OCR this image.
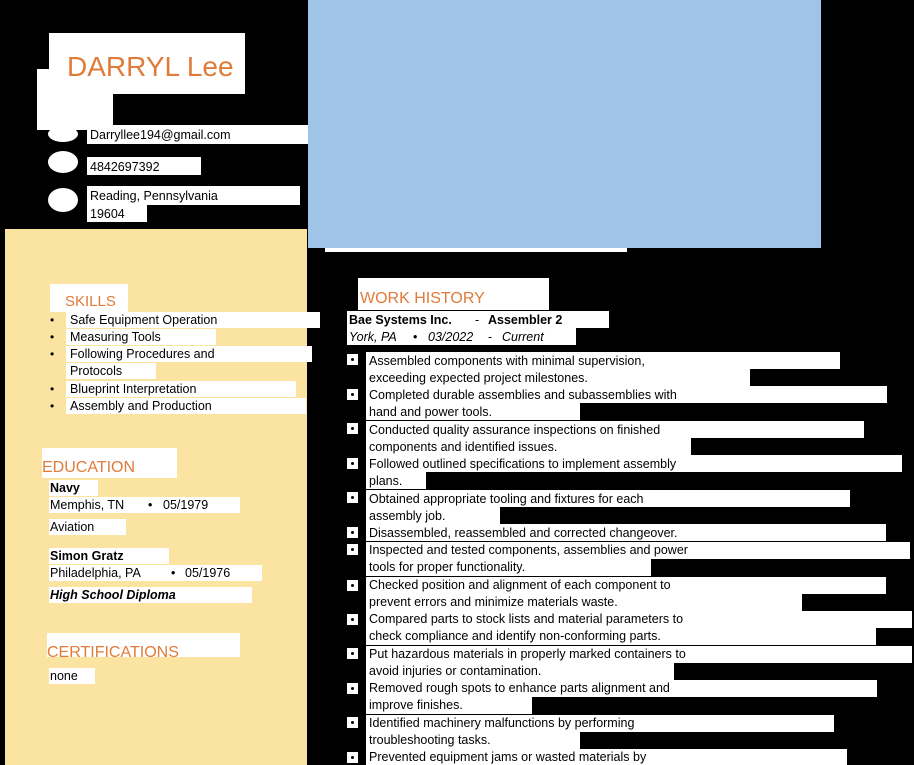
DARRYL Lee
Darryllee194@gmail.com
4842697392
Reading, Pennsylvania
19604
SKILLS
• Safe Equipment Operation
• Measuring Tools
• Following Procedures and
Protocols
• Blueprint Interpretation
• Assembly and Production
EDUCATION
Navy
Memphis, TN • 05/1979
Aviation
Simon Gratz
Philadelphia, PA • 05/1976
High School Diploma
CERTIFICATIONS
none
WORK HISTORY
Bae Systems Inc. - Assembler 2
York, PA • 03/2022 - Current
Assembled components with minimal supervision,
exceeding expected project milestones.
Completed durable assemblies and subassemblies with
hand and power tools.
Conducted quality assurance inspections on finished
components and identified issues.
Followed outlined specifications to implement assembly
plans.
Obtained appropriate tooling and fixtures for each
assembly job.
Disassembled, reassembled and corrected changeover.
Inspected and tested components, assemblies and power
tools for proper functionality.
Checked position and alignment of each component to
prevent errors and minimize materials waste.
Compared parts to stock lists and material parameters to
check compliance and identify non-conforming parts.
Put hazardous materials in properly marked containers to
avoid injuries or contamination.
Removed rough spots to enhance parts alignment and
improve finishes.
Identified machinery malfunctions by performing
troubleshooting tasks.
Prevented equipment jams or wasted materials by
